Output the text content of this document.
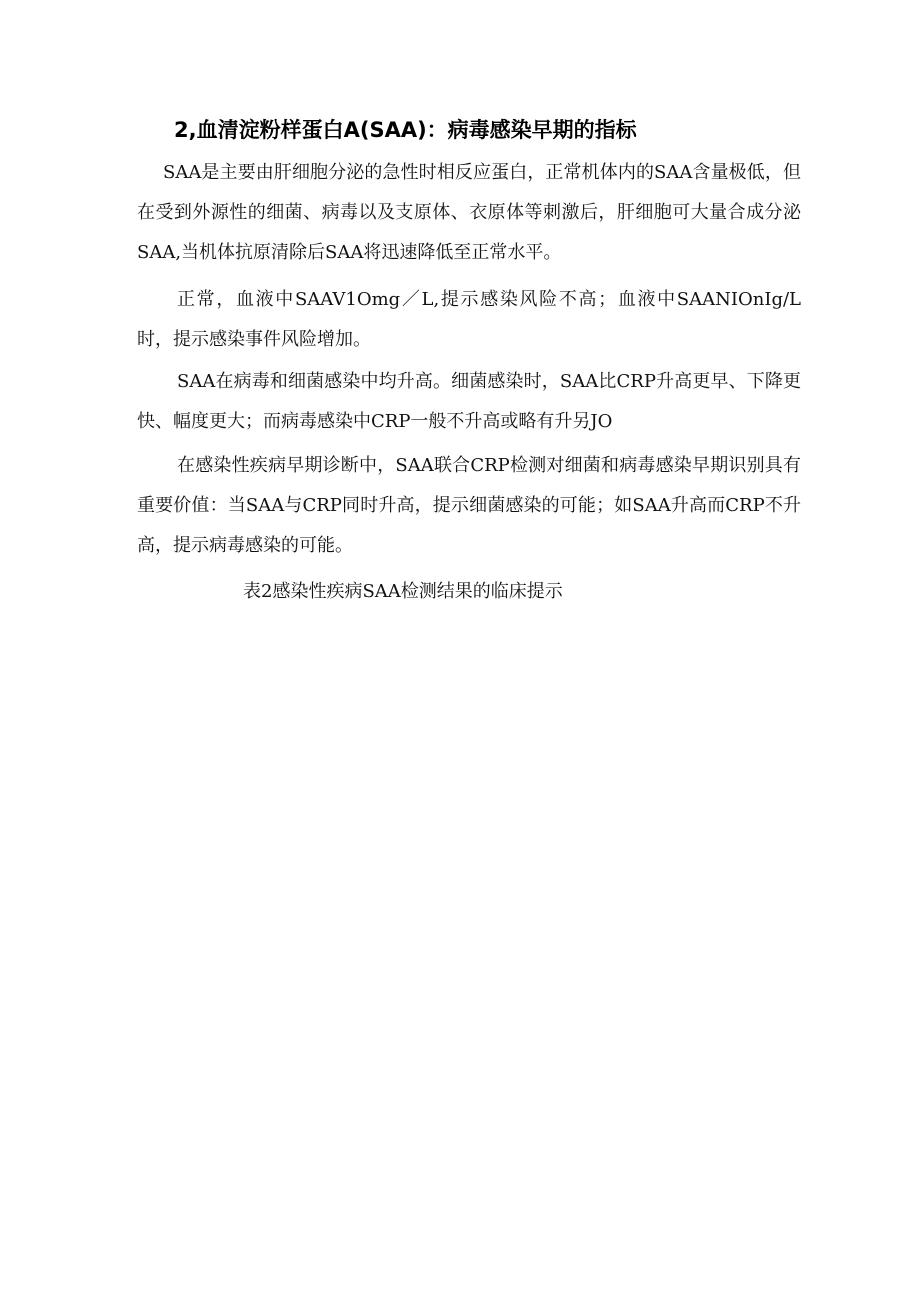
2,血清淀粉样蛋白A(SAA)：病毒感染早期的指标

SAA是主要由肝细胞分泌的急性时相反应蛋白，正常机体内的SAA含量极低，但在受到外源性的细菌、病毒以及支原体、衣原体等刺激后，肝细胞可大量合成分泌SAA,当机体抗原清除后SAA将迅速降低至正常水平。

正常，血液中SAAV1Omg／L,提示感染风险不高；血液中SAANIOnIg/L时，提示感染事件风险增加。

SAA在病毒和细菌感染中均升高。细菌感染时，SAA比CRP升高更早、下降更快、幅度更大；而病毒感染中CRP一般不升高或略有升另JO

在感染性疾病早期诊断中，SAA联合CRP检测对细菌和病毒感染早期识别具有重要价值：当SAA与CRP同时升高，提示细菌感染的可能；如SAA升高而CRP不升高，提示病毒感染的可能。

表2感染性疾病SAA检测结果的临床提示
